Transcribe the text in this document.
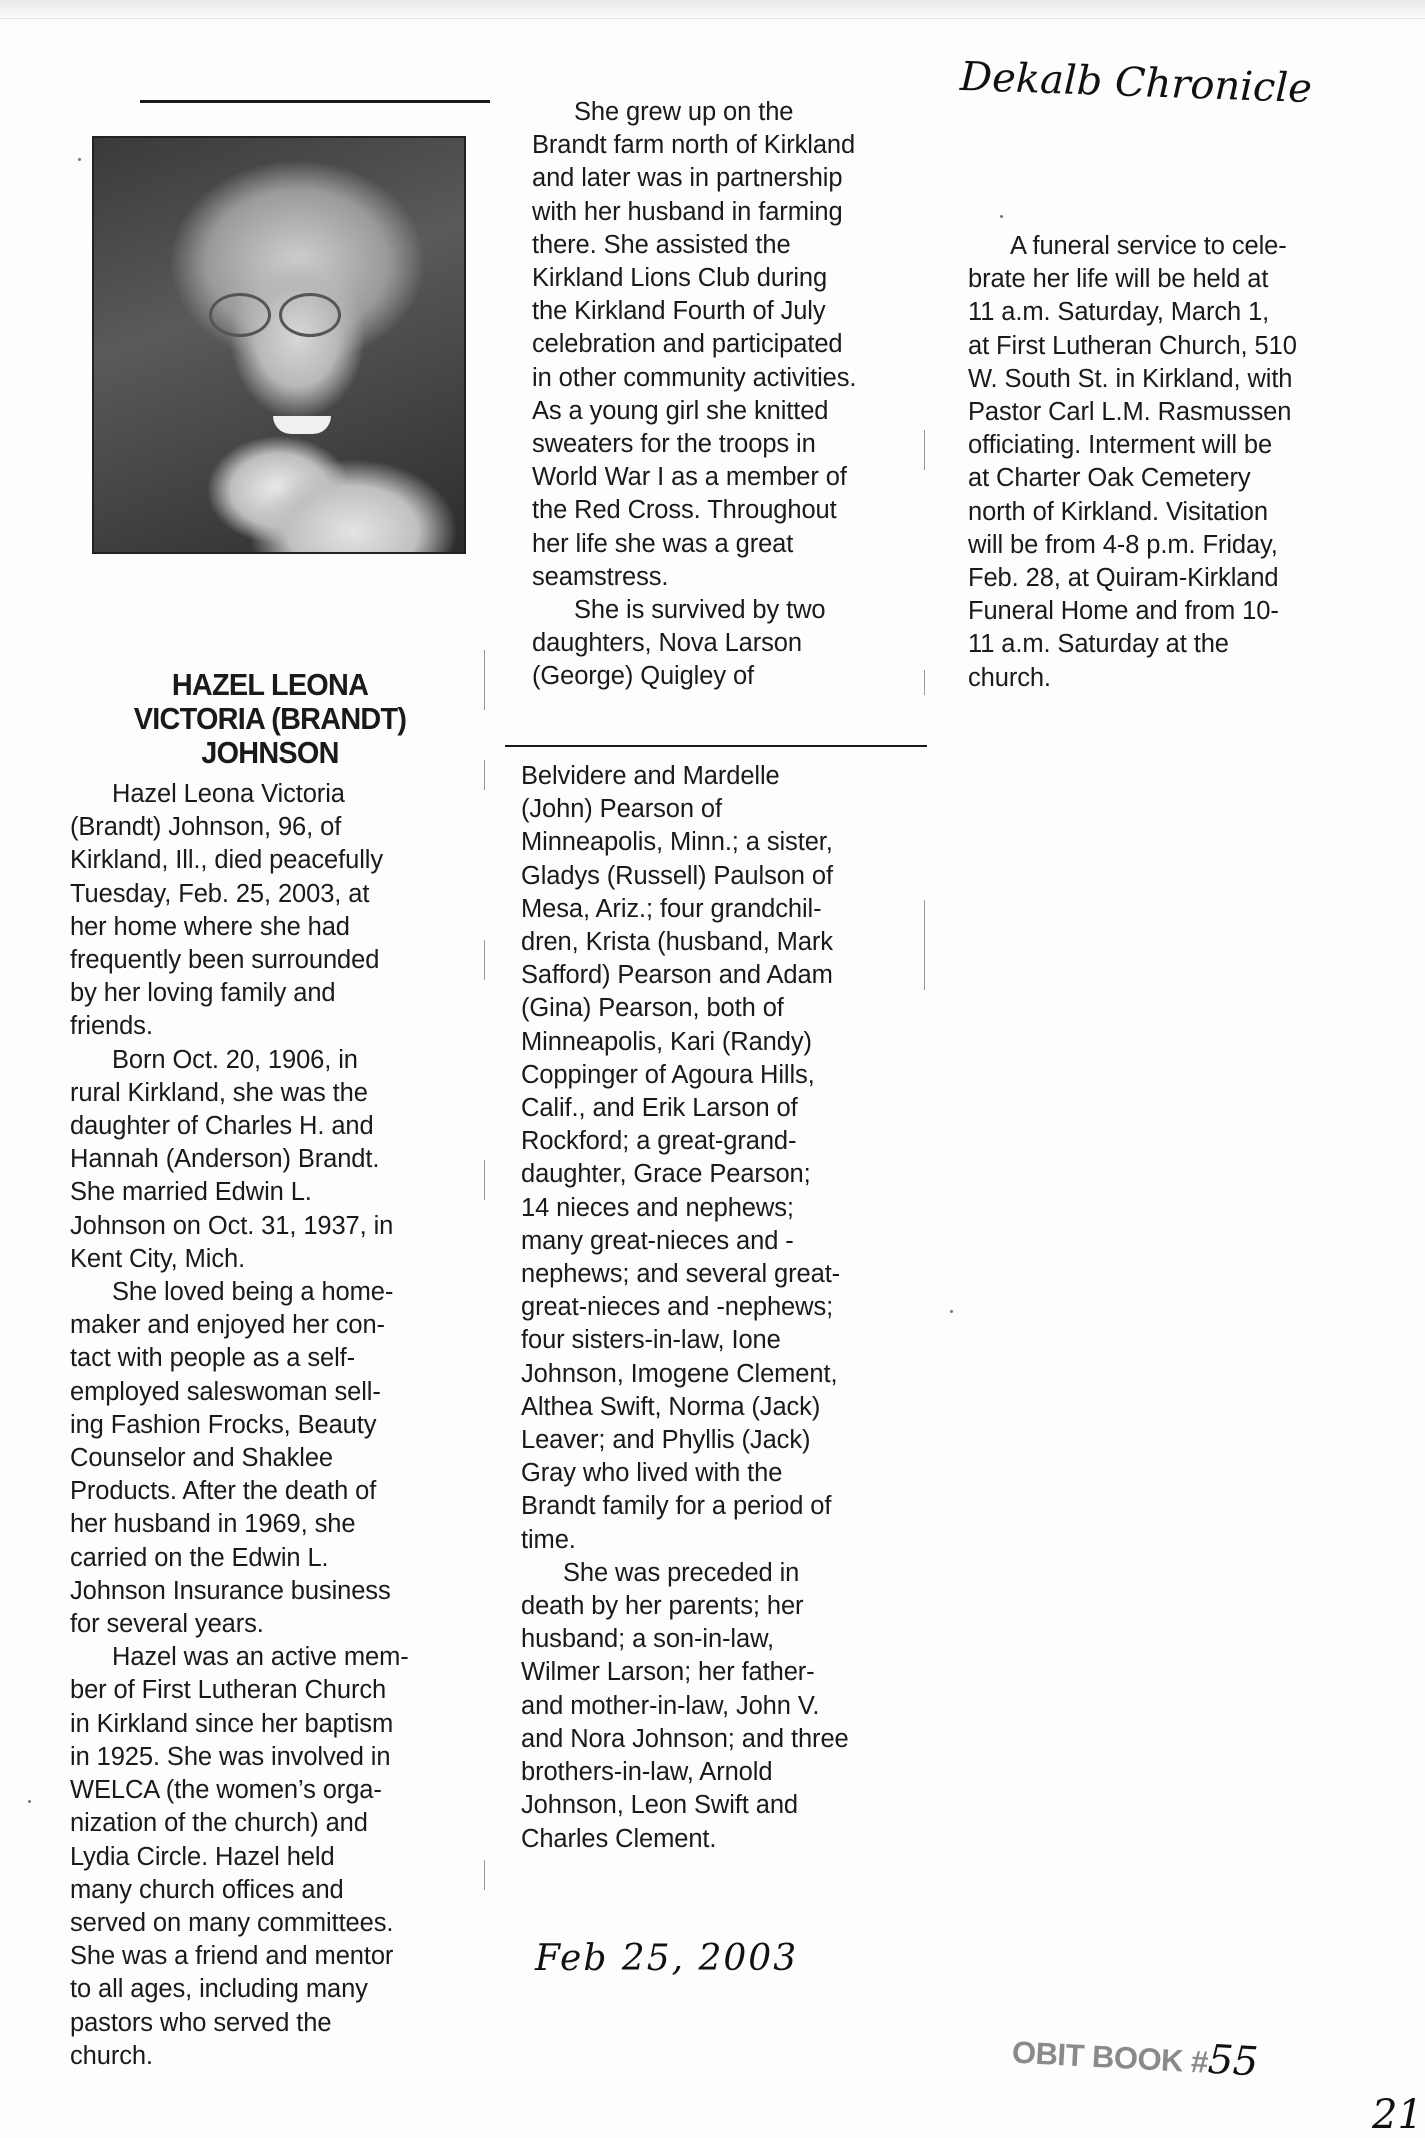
Dekalb Chronicle
HAZEL LEONA
VICTORIA (BRANDT)
JOHNSON

Hazel Leona Victoria
(Brandt) Johnson, 96, of
Kirkland, Ill., died peacefully
Tuesday, Feb. 25, 2003, at
her home where she had
frequently been surrounded
by her loving family and
friends.

Born Oct. 20, 1906, in
rural Kirkland, she was the
daughter of Charles H. and
Hannah (Anderson) Brandt.
She married Edwin L.
Johnson on Oct. 31, 1937, in
Kent City, Mich.

She loved being a home-
maker and enjoyed her con-
tact with people as a self-
employed saleswoman sell-
ing Fashion Frocks, Beauty
Counselor and Shaklee
Products. After the death of
her husband in 1969, she
carried on the Edwin L.
Johnson Insurance business
for several years.

Hazel was an active mem-
ber of First Lutheran Church
in Kirkland since her baptism
in 1925. She was involved in
WELCA (the women’s orga-
nization of the church) and
Lydia Circle. Hazel held
many church offices and
served on many committees.
She was a friend and mentor
to all ages, including many
pastors who served the
church.

She grew up on the
Brandt farm north of Kirkland
and later was in partnership
with her husband in farming
there. She assisted the
Kirkland Lions Club during
the Kirkland Fourth of July
celebration and participated
in other community activities.
As a young girl she knitted
sweaters for the troops in
World War I as a member of
the Red Cross. Throughout
her life she was a great
seamstress.

She is survived by two
daughters, Nova Larson
(George) Quigley of

Belvidere and Mardelle
(John) Pearson of
Minneapolis, Minn.; a sister,
Gladys (Russell) Paulson of
Mesa, Ariz.; four grandchil-
dren, Krista (husband, Mark
Safford) Pearson and Adam
(Gina) Pearson, both of
Minneapolis, Kari (Randy)
Coppinger of Agoura Hills,
Calif., and Erik Larson of
Rockford; a great-grand-
daughter, Grace Pearson;
14 nieces and nephews;
many great-nieces and -
nephews; and several great-
great-nieces and -nephews;
four sisters-in-law, Ione
Johnson, Imogene Clement,
Althea Swift, Norma (Jack)
Leaver; and Phyllis (Jack)
Gray who lived with the
Brandt family for a period of
time.

She was preceded in
death by her parents; her
husband; a son-in-law,
Wilmer Larson; her father-
and mother-in-law, John V.
and Nora Johnson; and three
brothers-in-law, Arnold
Johnson, Leon Swift and
Charles Clement.

A funeral service to cele-
brate her life will be held at
11 a.m. Saturday, March 1,
at First Lutheran Church, 510
W. South St. in Kirkland, with
Pastor Carl L.M. Rasmussen
officiating. Interment will be
at Charter Oak Cemetery
north of Kirkland. Visitation
will be from 4-8 p.m. Friday,
Feb. 28, at Quiram-Kirkland
Funeral Home and from 10-
11 a.m. Saturday at the
church.

Feb 25, 2003
OBIT BOOK #55
21
